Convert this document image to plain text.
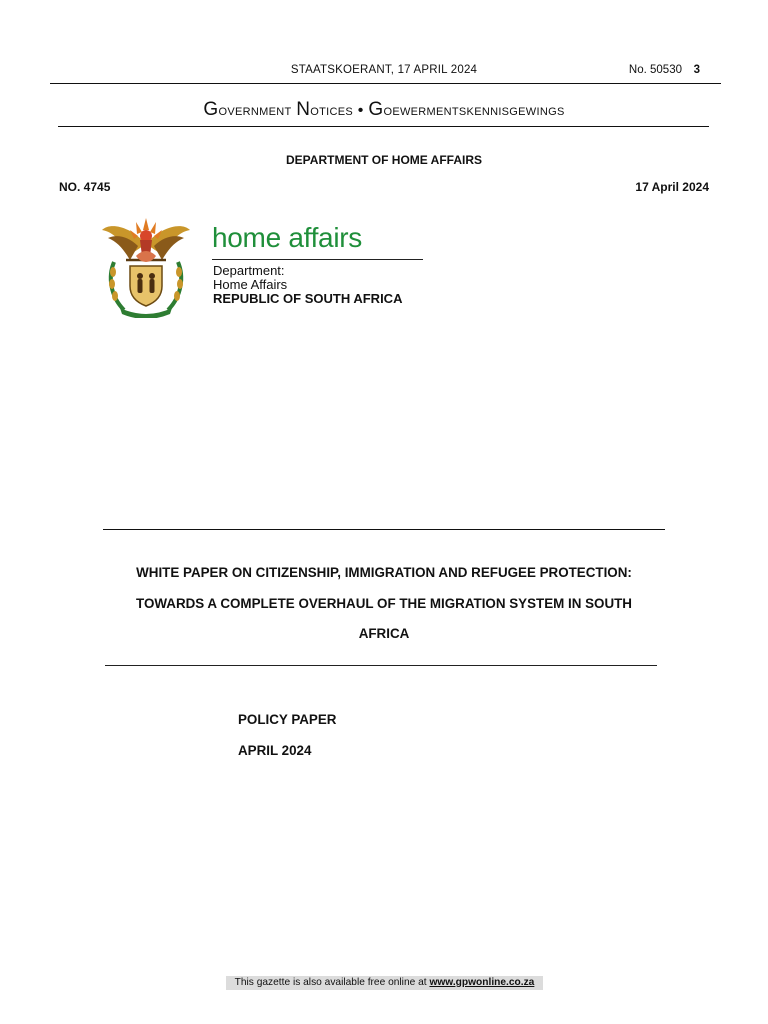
STAATSKOERANT, 17 APRIL 2024	No. 50530 3
Government Notices • Goewermentskennisgewings
DEPARTMENT OF HOME AFFAIRS
NO. 4745	17 April 2024
home affairs
Department:
Home Affairs
REPUBLIC OF SOUTH AFRICA
WHITE PAPER ON CITIZENSHIP, IMMIGRATION AND REFUGEE PROTECTION:
TOWARDS A COMPLETE OVERHAUL OF THE MIGRATION SYSTEM IN SOUTH
AFRICA
POLICY PAPER
APRIL 2024
This gazette is also available free online at www.gpwonline.co.za
